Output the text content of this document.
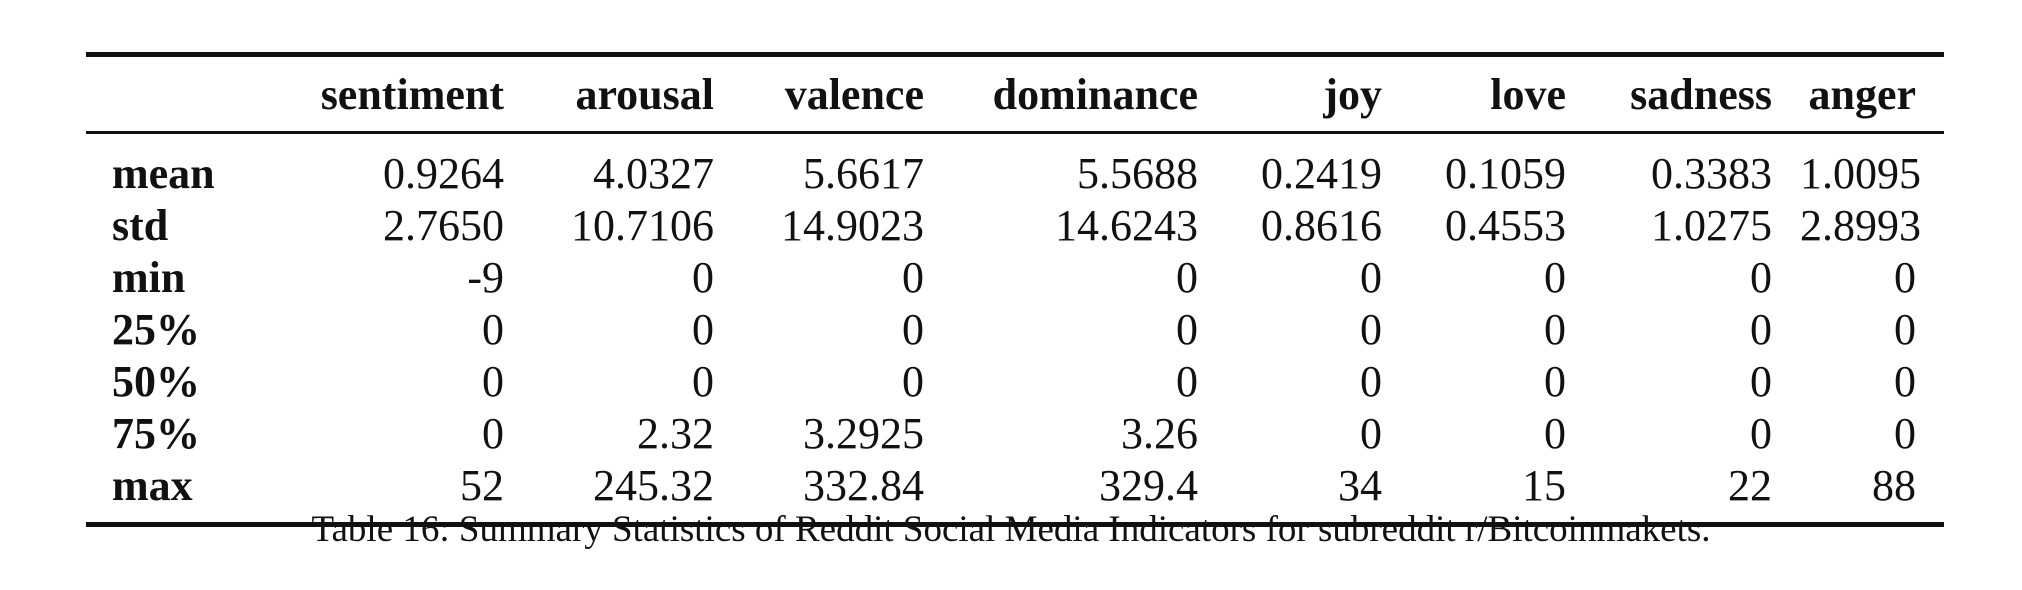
	sentiment	arousal	valence	dominance	joy	love	sadness	anger
mean	0.9264	4.0327	5.6617	5.5688	0.2419	0.1059	0.3383	1.0095
std	2.7650	10.7106	14.9023	14.6243	0.8616	0.4553	1.0275	2.8993
min	-9	0	0	0	0	0	0	0
25%	0	0	0	0	0	0	0	0
50%	0	0	0	0	0	0	0	0
75%	0	2.32	3.2925	3.26	0	0	0	0
max	52	245.32	332.84	329.4	34	15	22	88
Table 16: Summary Statistics of Reddit Social Media Indicators for subreddit r/Bitcoinmakets.
